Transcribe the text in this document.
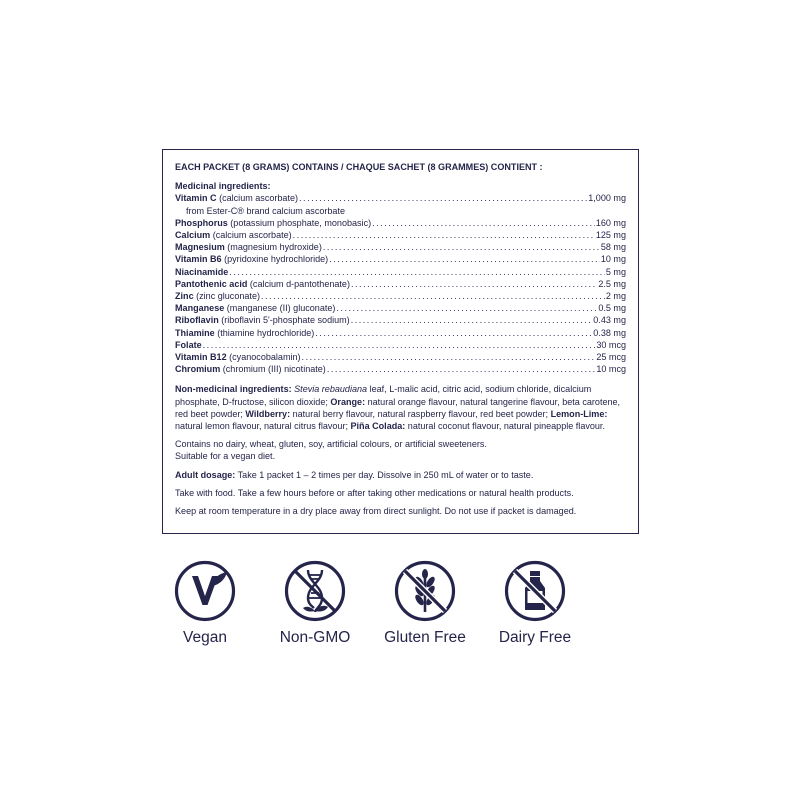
EACH PACKET (8 GRAMS) CONTAINS / CHAQUE SACHET (8 GRAMMES) CONTIENT :
Medicinal ingredients:
Vitamin C (calcium ascorbate) . . .	1,000 mg
from Ester-C® brand calcium ascorbate
Phosphorus (potassium phosphate, monobasic) . . .	160 mg
Calcium (calcium ascorbate) . . .	125 mg
Magnesium (magnesium hydroxide) . . .	58 mg
Vitamin B6 (pyridoxine hydrochloride) . . .	10 mg
Niacinamide . . .	5 mg
Pantothenic acid (calcium d-pantothenate) . . .	2.5 mg
Zinc (zinc gluconate) . . .	2 mg
Manganese (manganese (II) gluconate) . . .	0.5 mg
Riboflavin (riboflavin 5'-phosphate sodium) . . .	0.43 mg
Thiamine (thiamine hydrochloride) . . .	0.38 mg
Folate . . .	30 mcg
Vitamin B12 (cyanocobalamin) . . .	25 mcg
Chromium (chromium (III) nicotinate) . . .	10 mcg
Non-medicinal ingredients: Stevia rebaudiana leaf, L-malic acid, citric acid, sodium chloride, dicalcium phosphate, D-fructose, silicon dioxide; Orange: natural orange flavour, natural tangerine flavour, beta carotene, red beet powder; Wildberry: natural berry flavour, natural raspberry flavour, red beet powder; Lemon-Lime: natural lemon flavour, natural citrus flavour; Piña Colada: natural coconut flavour, natural pineapple flavour.
Contains no dairy, wheat, gluten, soy, artificial colours, or artificial sweeteners.
Suitable for a vegan diet.
Adult dosage: Take 1 packet 1 – 2 times per day. Dissolve in 250 mL of water or to taste.
Take with food. Take a few hours before or after taking other medications or natural health products.
Keep at room temperature in a dry place away from direct sunlight. Do not use if packet is damaged.
Vegan	Non-GMO	Gluten Free	Dairy Free
